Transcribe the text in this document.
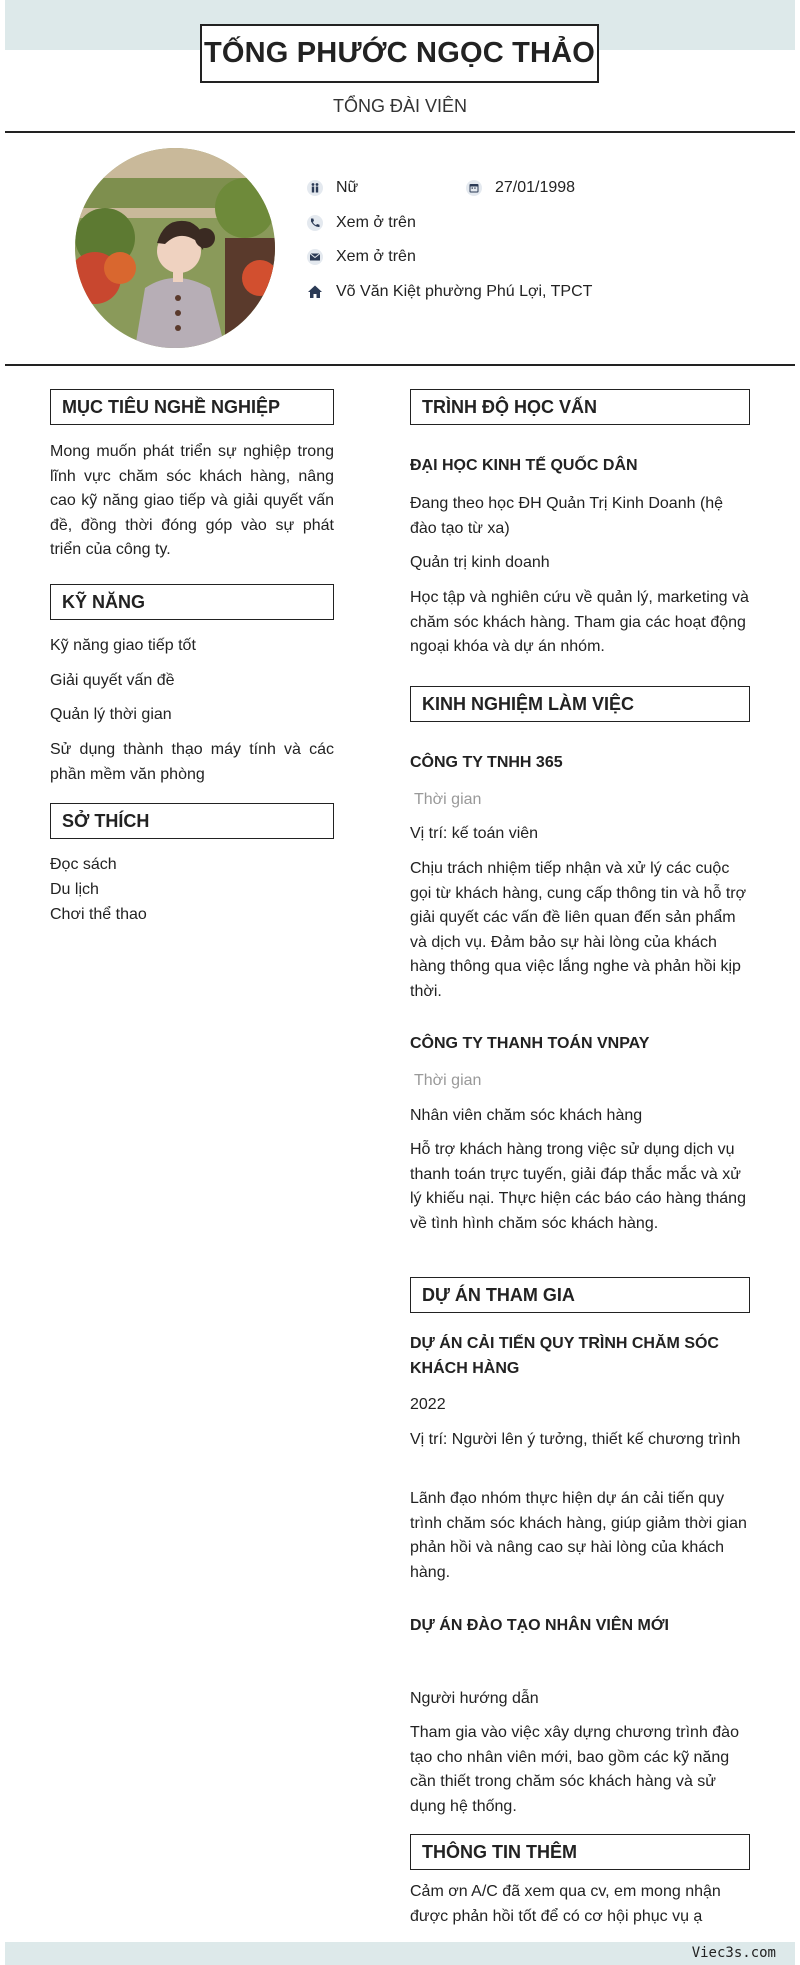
Viec3s.com
TỐNG PHƯỚC NGỌC THẢO
TỔNG ĐÀI VIÊN
Nữ	27/01/1998
Xem ở trên
Xem ở trên
Võ Văn Kiệt phường Phú Lợi, TPCT
MỤC TIÊU NGHỀ NGHIỆP
Mong muốn phát triển sự nghiệp trong lĩnh vực chăm sóc khách hàng, nâng cao kỹ năng giao tiếp và giải quyết vấn đề, đồng thời đóng góp vào sự phát triển của công ty.
KỸ NĂNG
Kỹ năng giao tiếp tốt
Giải quyết vấn đề
Quản lý thời gian
Sử dụng thành thạo máy tính và các phần mềm văn phòng
SỞ THÍCH
Đọc sách
Du lịch
Chơi thể thao
TRÌNH ĐỘ HỌC VẤN
ĐẠI HỌC KINH TẾ QUỐC DÂN
Đang theo học ĐH Quản Trị Kinh Doanh (hệ đào tạo từ xa)
Quản trị kinh doanh
Học tập và nghiên cứu về quản lý, marketing và chăm sóc khách hàng. Tham gia các hoạt động ngoại khóa và dự án nhóm.
KINH NGHIỆM LÀM VIỆC
CÔNG TY TNHH 365
Thời gian
Vị trí: kế toán viên
Chịu trách nhiệm tiếp nhận và xử lý các cuộc gọi từ khách hàng, cung cấp thông tin và hỗ trợ giải quyết các vấn đề liên quan đến sản phẩm và dịch vụ. Đảm bảo sự hài lòng của khách hàng thông qua việc lắng nghe và phản hồi kịp thời.
CÔNG TY THANH TOÁN VNPAY
Thời gian
Nhân viên chăm sóc khách hàng
Hỗ trợ khách hàng trong việc sử dụng dịch vụ thanh toán trực tuyến, giải đáp thắc mắc và xử lý khiếu nại. Thực hiện các báo cáo hàng tháng về tình hình chăm sóc khách hàng.
DỰ ÁN THAM GIA
DỰ ÁN CẢI TIẾN QUY TRÌNH CHĂM SÓC KHÁCH HÀNG
2022
Vị trí: Người lên ý tưởng, thiết kế chương trình
Lãnh đạo nhóm thực hiện dự án cải tiến quy trình chăm sóc khách hàng, giúp giảm thời gian phản hồi và nâng cao sự hài lòng của khách hàng.
DỰ ÁN ĐÀO TẠO NHÂN VIÊN MỚI
Người hướng dẫn
Tham gia vào việc xây dựng chương trình đào tạo cho nhân viên mới, bao gồm các kỹ năng cần thiết trong chăm sóc khách hàng và sử dụng hệ thống.
THÔNG TIN THÊM
Cảm ơn A/C đã xem qua cv, em mong nhận được phản hồi tốt để có cơ hội phục vụ ạ
